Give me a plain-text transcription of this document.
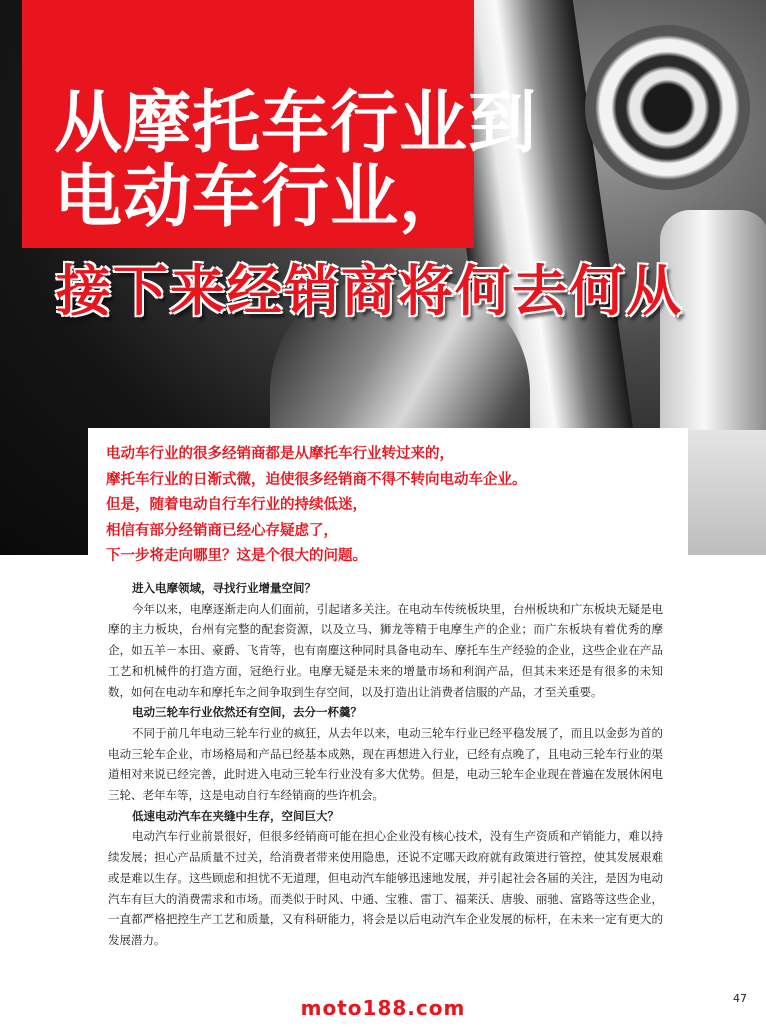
从摩托车行业到
电动车行业，
接下来经销商将何去何从

电动车行业的很多经销商都是从摩托车行业转过来的，

摩托车行业的日渐式微，迫使很多经销商不得不转向电动车企业。

但是，随着电动自行车行业的持续低迷，

相信有部分经销商已经心存疑虑了，

下一步将走向哪里？这是个很大的问题。

进入电摩领域，寻找行业增量空间？

今年以来，电摩逐渐走向人们面前，引起诸多关注。在电动车传统板块里，台州板块和广东板块无疑是电摩的主力板块，台州有完整的配套资源，以及立马、狮龙等精于电摩生产的企业；而广东板块有着优秀的摩企，如五羊－本田、豪爵、飞肯等，也有南麈这种同时具备电动车、摩托车生产经验的企业，这些企业在产品工艺和机械件的打造方面，冠绝行业。电摩无疑是未来的增量市场和利润产品，但其未来还是有很多的未知数，如何在电动车和摩托车之间争取到生存空间，以及打造出让消费者信服的产品，才至关重要。

电动三轮车行业依然还有空间，去分一杯羹？

不同于前几年电动三轮车行业的疯狂，从去年以来，电动三轮车行业已经平稳发展了，而且以金彭为首的电动三轮车企业，市场格局和产品已经基本成熟，现在再想进入行业，已经有点晚了，且电动三轮车行业的渠道相对来说已经完善，此时进入电动三轮车行业没有多大优势。但是，电动三轮车企业现在普遍在发展休闲电三轮、老年车等，这是电动自行车经销商的些许机会。

低速电动汽车在夹缝中生存，空间巨大？

电动汽车行业前景很好，但很多经销商可能在担心企业没有核心技术，没有生产资质和产销能力，难以持续发展；担心产品质量不过关，给消费者带来使用隐患，还说不定哪天政府就有政策进行管控，使其发展艰难或是难以生存。这些顾虑和担忧不无道理，但电动汽车能够迅速地发展，并引起社会各届的关注，是因为电动汽车有巨大的消费需求和市场。而类似于时风、中通、宝雅、雷丁、福莱沃、唐骏、丽驰、富路等这些企业，一直都严格把控生产工艺和质量，又有科研能力，将会是以后电动汽车企业发展的标杆，在未来一定有更大的发展潜力。

moto188.com	47
